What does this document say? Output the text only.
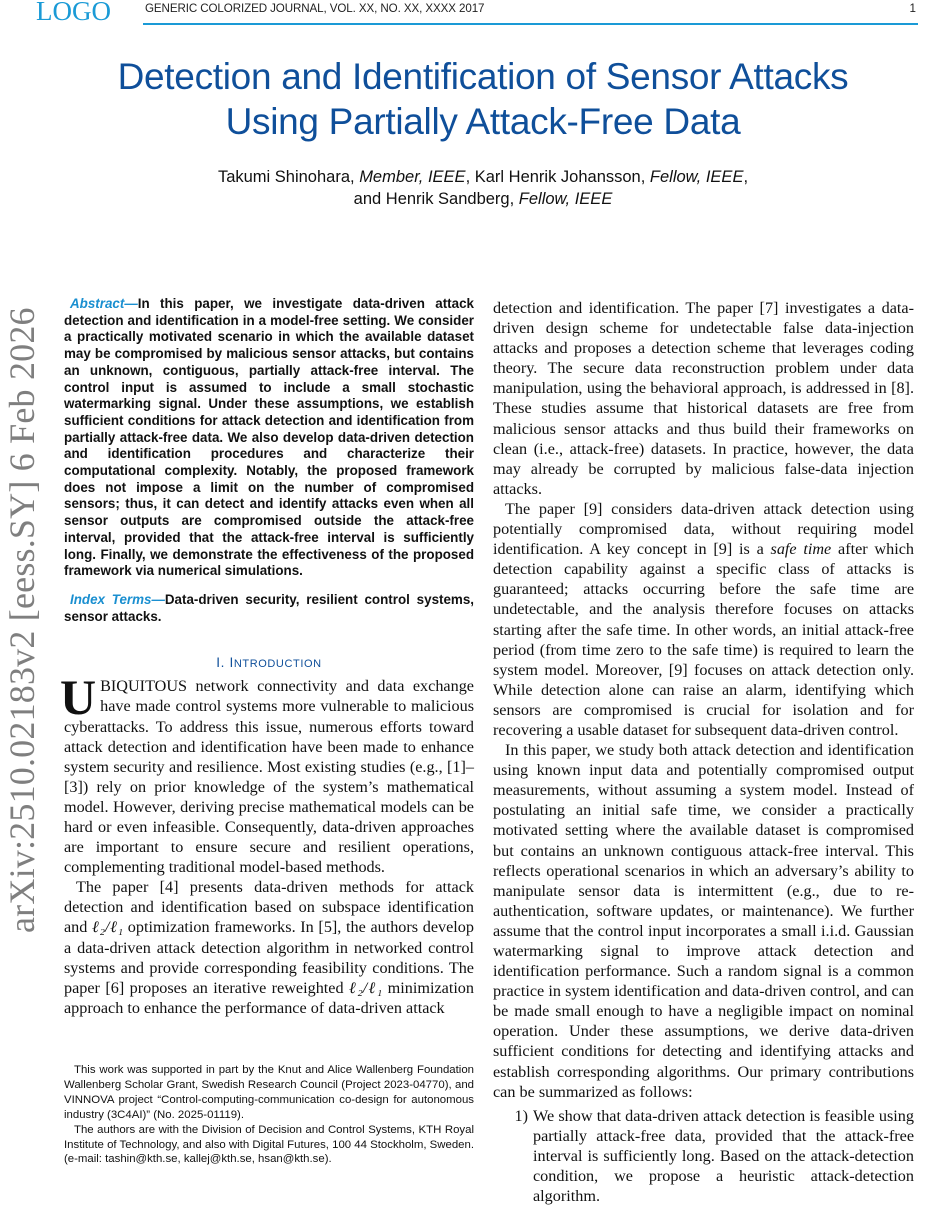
LOGO	GENERIC COLORIZED JOURNAL, VOL. XX, NO. XX, XXXX 2017	1
arXiv:2510.02183v2 [eess.SY] 6 Feb 2026
Detection and Identification of Sensor Attacks
Using Partially Attack-Free Data
Takumi Shinohara, Member, IEEE, Karl Henrik Johansson, Fellow, IEEE,
and Henrik Sandberg, Fellow, IEEE

Abstract—In this paper, we investigate data-driven attack detection and identification in a model-free setting. We consider a practically motivated scenario in which the available dataset may be compromised by malicious sensor attacks, but contains an unknown, contiguous, partially attack-free interval. The control input is assumed to include a small stochastic watermarking signal. Under these assumptions, we establish sufficient conditions for attack detection and identification from partially attack-free data. We also develop data-driven detection and identification procedures and characterize their computational complexity. Notably, the proposed framework does not impose a limit on the number of compromised sensors; thus, it can detect and identify attacks even when all sensor outputs are compromised outside the attack-free interval, provided that the attack-free interval is sufficiently long. Finally, we demonstrate the effectiveness of the proposed framework via numerical simulations.

Index Terms—Data-driven security, resilient control systems, sensor attacks.

I. INTRODUCTION
UBIQUITOUS network connectivity and data exchange have made control systems more vulnerable to malicious cyberattacks. To address this issue, numerous efforts toward attack detection and identification have been made to enhance system security and resilience. Most existing studies (e.g., [1]–[3]) rely on prior knowledge of the system’s mathematical model. However, deriving precise mathematical models can be hard or even infeasible. Consequently, data-driven approaches are important to ensure secure and resilient operations, complementing traditional model-based methods.

The paper [4] presents data-driven methods for attack detection and identification based on subspace identification and ℓ₂/ℓ₁ optimization frameworks. In [5], the authors develop a data-driven attack detection algorithm in networked control systems and provide corresponding feasibility conditions. The paper [6] proposes an iterative reweighted ℓ₂/ℓ₁ minimization approach to enhance the performance of data-driven attack

This work was supported in part by the Knut and Alice Wallenberg Foundation Wallenberg Scholar Grant, Swedish Research Council (Project 2023-04770), and VINNOVA project “Control-computing-communication co-design for autonomous industry (3C4AI)” (No. 2025-01119).

The authors are with the Division of Decision and Control Systems, KTH Royal Institute of Technology, and also with Digital Futures, 100 44 Stockholm, Sweden. (e-mail: tashin@kth.se, kallej@kth.se, hsan@kth.se).

detection and identification. The paper [7] investigates a data-driven design scheme for undetectable false data-injection attacks and proposes a detection scheme that leverages coding theory. The secure data reconstruction problem under data manipulation, using the behavioral approach, is addressed in [8]. These studies assume that historical datasets are free from malicious sensor attacks and thus build their frameworks on clean (i.e., attack-free) datasets. In practice, however, the data may already be corrupted by malicious false-data injection attacks.

The paper [9] considers data-driven attack detection using potentially compromised data, without requiring model identification. A key concept in [9] is a safe time after which detection capability against a specific class of attacks is guaranteed; attacks occurring before the safe time are undetectable, and the analysis therefore focuses on attacks starting after the safe time. In other words, an initial attack-free period (from time zero to the safe time) is required to learn the system model. Moreover, [9] focuses on attack detection only. While detection alone can raise an alarm, identifying which sensors are compromised is crucial for isolation and for recovering a usable dataset for subsequent data-driven control.

In this paper, we study both attack detection and identification using known input data and potentially compromised output measurements, without assuming a system model. Instead of postulating an initial safe time, we consider a practically motivated setting where the available dataset is compromised but contains an unknown contiguous attack-free interval. This reflects operational scenarios in which an adversary’s ability to manipulate sensor data is intermittent (e.g., due to re-authentication, software updates, or maintenance). We further assume that the control input incorporates a small i.i.d. Gaussian watermarking signal to improve attack detection and identification performance. Such a random signal is a common practice in system identification and data-driven control, and can be made small enough to have a negligible impact on nominal operation. Under these assumptions, we derive data-driven sufficient conditions for detecting and identifying attacks and establish corresponding algorithms. Our primary contributions can be summarized as follows:

1) We show that data-driven attack detection is feasible using partially attack-free data, provided that the attack-free interval is sufficiently long. Based on the attack-detection condition, we propose a heuristic attack-detection algorithm.
